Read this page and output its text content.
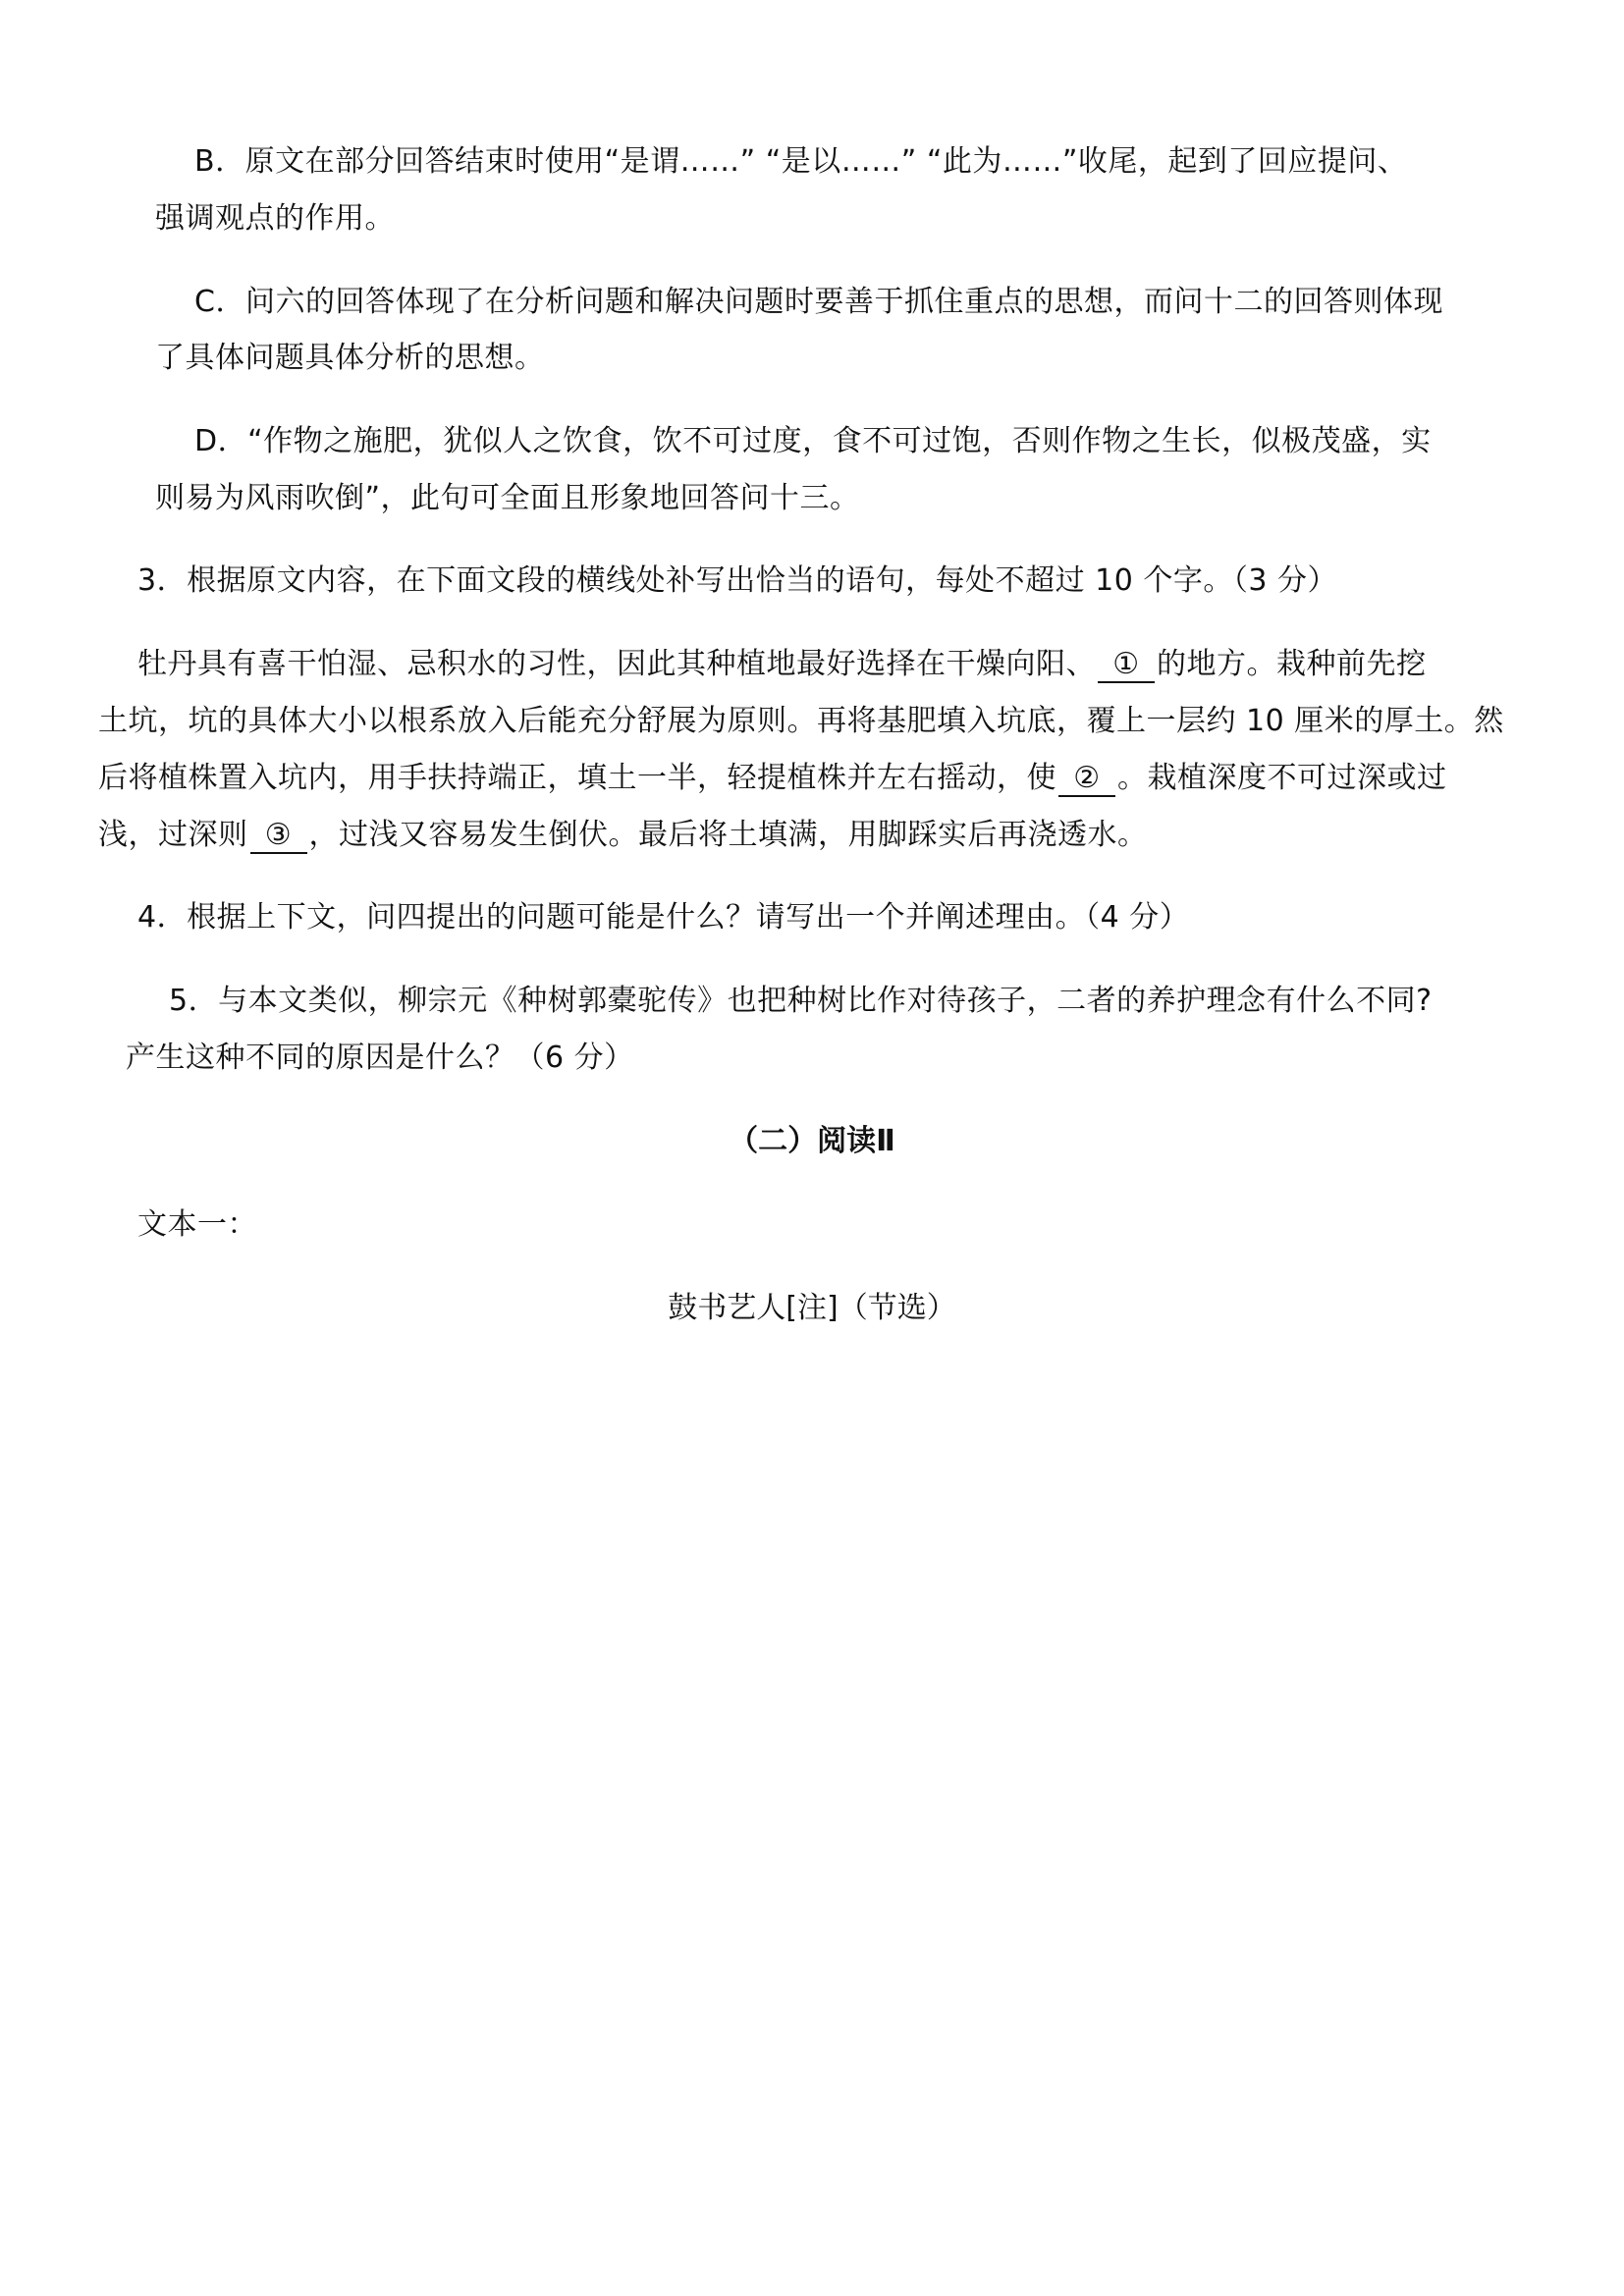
B．原文在部分回答结束时使用“是谓……” “是以……” “此为……”收尾，起到了回应提问、
强调观点的作用。
C．问六的回答体现了在分析问题和解决问题时要善于抓住重点的思想，而问十二的回答则体现
了具体问题具体分析的思想。
D．“作物之施肥，犹似人之饮食，饮不可过度，食不可过饱，否则作物之生长，似极茂盛，实
则易为风雨吹倒”，此句可全面且形象地回答问十三。
3．根据原文内容，在下面文段的横线处补写出恰当的语句，每处不超过 10 个字。（3 分）
牡丹具有喜干怕湿、忌积水的习性，因此其种植地最好选择在干燥向阳、 ① 的地方。栽种前先挖
土坑，坑的具体大小以根系放入后能充分舒展为原则。再将基肥填入坑底，覆上一层约 10 厘米的厚土。然
后将植株置入坑内，用手扶持端正，填土一半，轻提植株并左右摇动，使 ② 。栽植深度不可过深或过
浅，过深则 ③ ，过浅又容易发生倒伏。最后将土填满，用脚踩实后再浇透水。
4．根据上下文，问四提出的问题可能是什么？请写出一个并阐述理由。（4 分）
5．与本文类似，柳宗元《种树郭橐驼传》也把种树比作对待孩子，二者的养护理念有什么不同?
产生这种不同的原因是什么？（6 分）
（二）阅读Ⅱ
文本一：
鼓书艺人[注]（节选）
